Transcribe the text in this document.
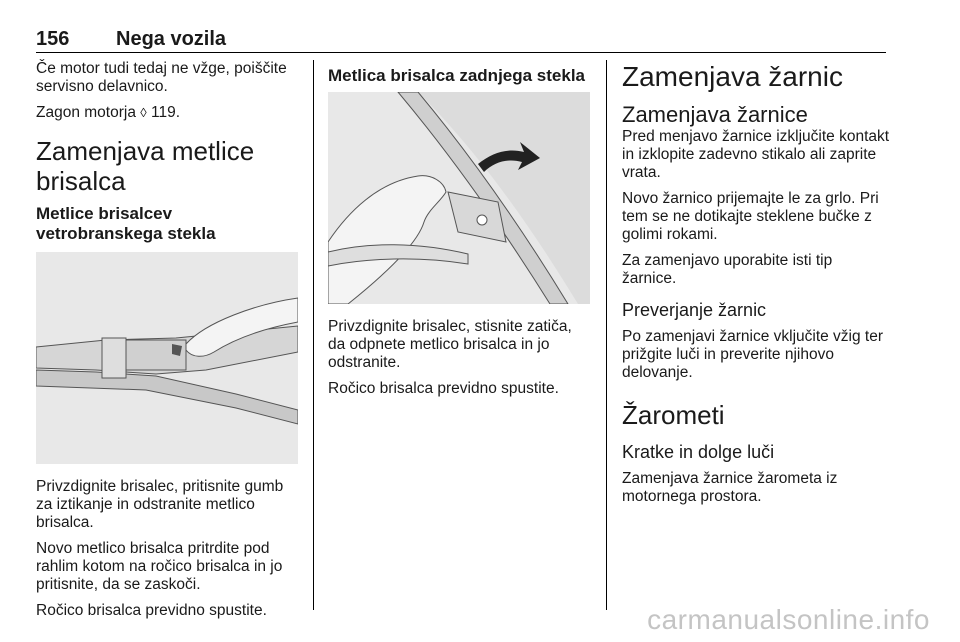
156 Nega vozila

Če motor tudi tedaj ne vžge, poiščite servisno delavnico.

Zagon motorja ◊ 119.

Zamenjava metlice brisalca
Metlice brisalcev vetrobranskega stekla

Privzdignite brisalec, pritisnite gumb za iztikanje in odstranite metlico brisalca.

Novo metlico brisalca pritrdite pod rahlim kotom na ročico brisalca in jo pritisnite, da se zaskoči.

Ročico brisalca previdno spustite.

Metlica brisalca zadnjega stekla

Privzdignite brisalec, stisnite zatiča, da odpnete metlico brisalca in jo odstranite.

Ročico brisalca previdno spustite.

Zamenjava žarnic
Zamenjava žarnice

Pred menjavo žarnice izklјučite kontakt in izklopite zadevno stikalo ali zaprite vrata.

Novo žarnico prijemajte le za grlo. Pri tem se ne dotikajte steklene bučke z golimi rokami.

Za zamenjavo uporabite isti tip žarnice.

Preverjanje žarnic

Po zamenjavi žarnice vklјučite vžig ter prižgite luči in preverite njihovo delovanje.

Žarometi
Kratke in dolge luči

Zamenjava žarnice žarometa iz motornega prostora.

carmanualsonline.info
